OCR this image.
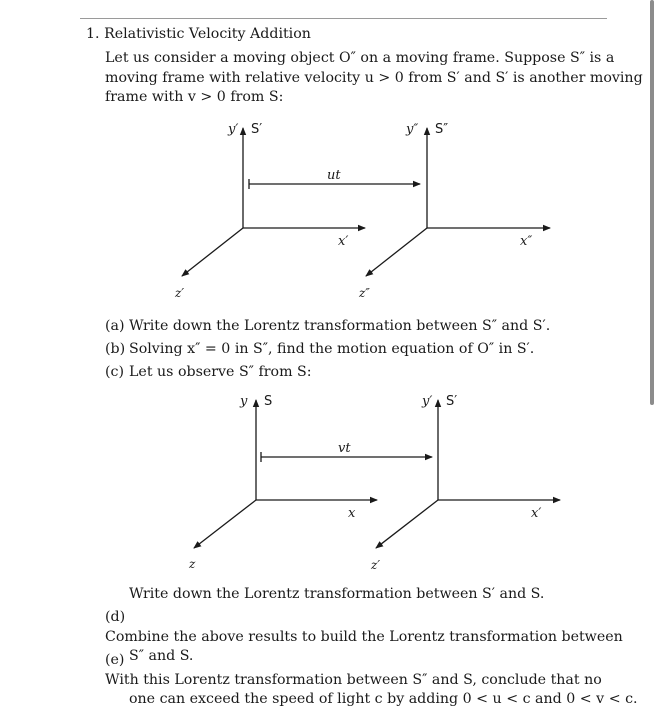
1. Relativistic Velocity Addition
Let us consider a moving object O″ on a moving frame. Suppose S″ is a
moving frame with relative velocity u > 0 from S′ and S′ is another moving
frame with v > 0 from S:
y′ S′
x′
z′
y″ S″
x″
z″
ut
(a) Write down the Lorentz transformation between S″ and S′.
(b) Solving x″ = 0 in S″, find the motion equation of O″ in S′.
(c) Let us observe S″ from S:
y S
x
z
y′ S′
x′
z′
vt
Write down the Lorentz transformation between S′ and S.
(d)Combine the above results to build the Lorentz transformation between
S″ and S.
(e)With this Lorentz transformation between S″ and S, conclude that no
one can exceed the speed of light c by adding 0 < u < c and 0 < v < c.
